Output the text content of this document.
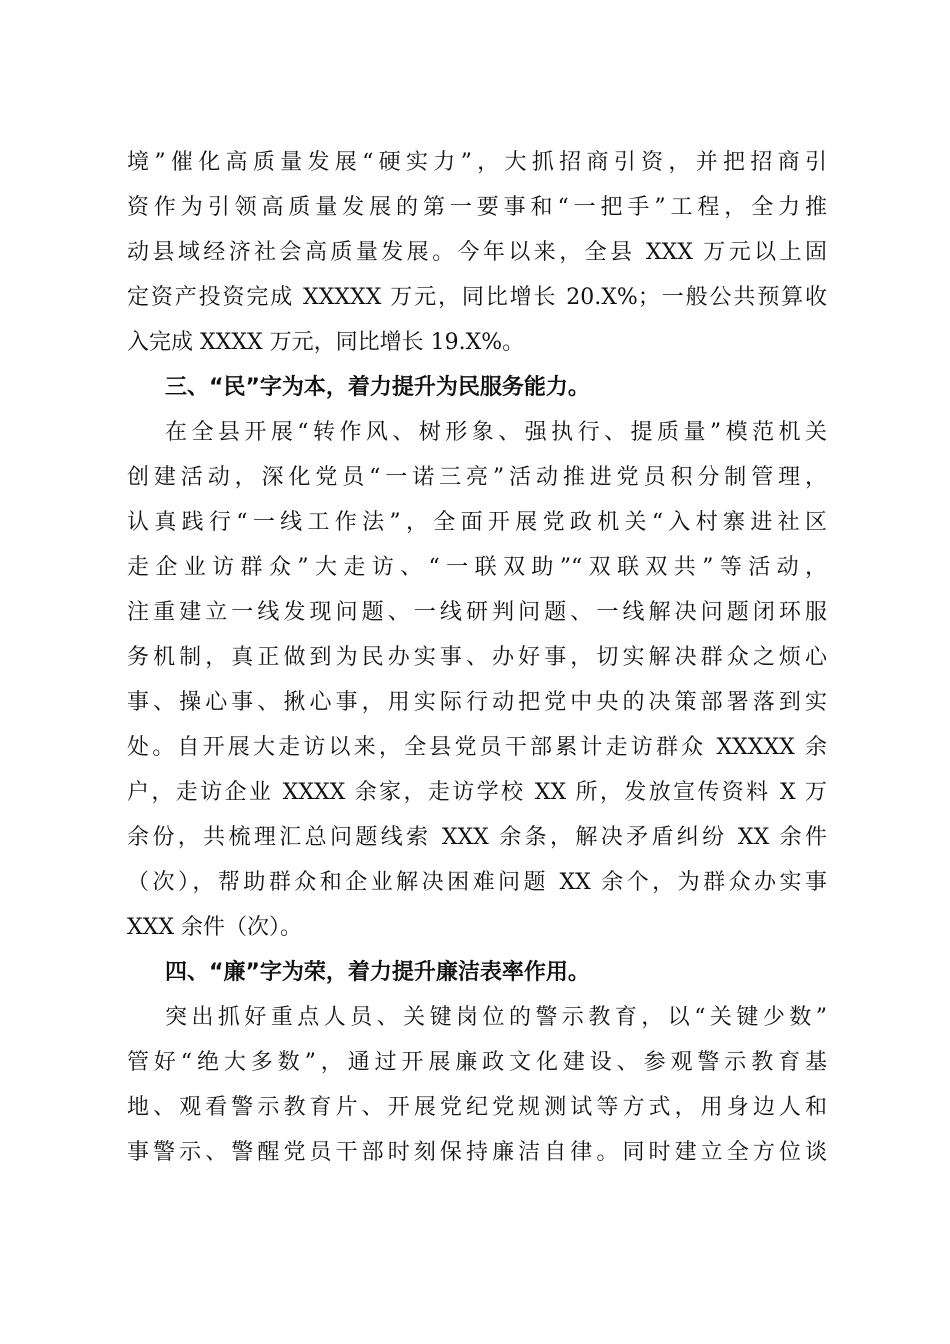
境”催化高质量发展“硬实力”，大抓招商引资，并把招商引
资作为引领高质量发展的第一要事和“一把手”工程，全力推
动县域经济社会高质量发展。今年以来，全县 XXX 万元以上固
定资产投资完成 XXXXX 万元，同比增长 20.X%；一般公共预算收
入完成 XXXX 万元，同比增长 19.X%。
三、“民”字为本，着力提升为民服务能力。
在全县开展“转作风、树形象、强执行、提质量”模范机关
创建活动，深化党员“一诺三亮”活动推进党员积分制管理，
认真践行“一线工作法”，全面开展党政机关“入村寨进社区
走企业访群众”大走访、“一联双助”“双联双共”等活动，
注重建立一线发现问题、一线研判问题、一线解决问题闭环服
务机制，真正做到为民办实事、办好事，切实解决群众之烦心
事、操心事、揪心事，用实际行动把党中央的决策部署落到实
处。自开展大走访以来，全县党员干部累计走访群众 XXXXX 余
户，走访企业 XXXX 余家，走访学校 XX 所，发放宣传资料 X 万
余份，共梳理汇总问题线索 XXX 余条，解决矛盾纠纷 XX 余件
（次），帮助群众和企业解决困难问题 XX 余个，为群众办实事
XXX 余件（次）。
四、“廉”字为荣，着力提升廉洁表率作用。
突出抓好重点人员、关键岗位的警示教育，以“关键少数”
管好“绝大多数”，通过开展廉政文化建设、参观警示教育基
地、观看警示教育片、开展党纪党规测试等方式，用身边人和
事警示、警醒党员干部时刻保持廉洁自律。同时建立全方位谈
